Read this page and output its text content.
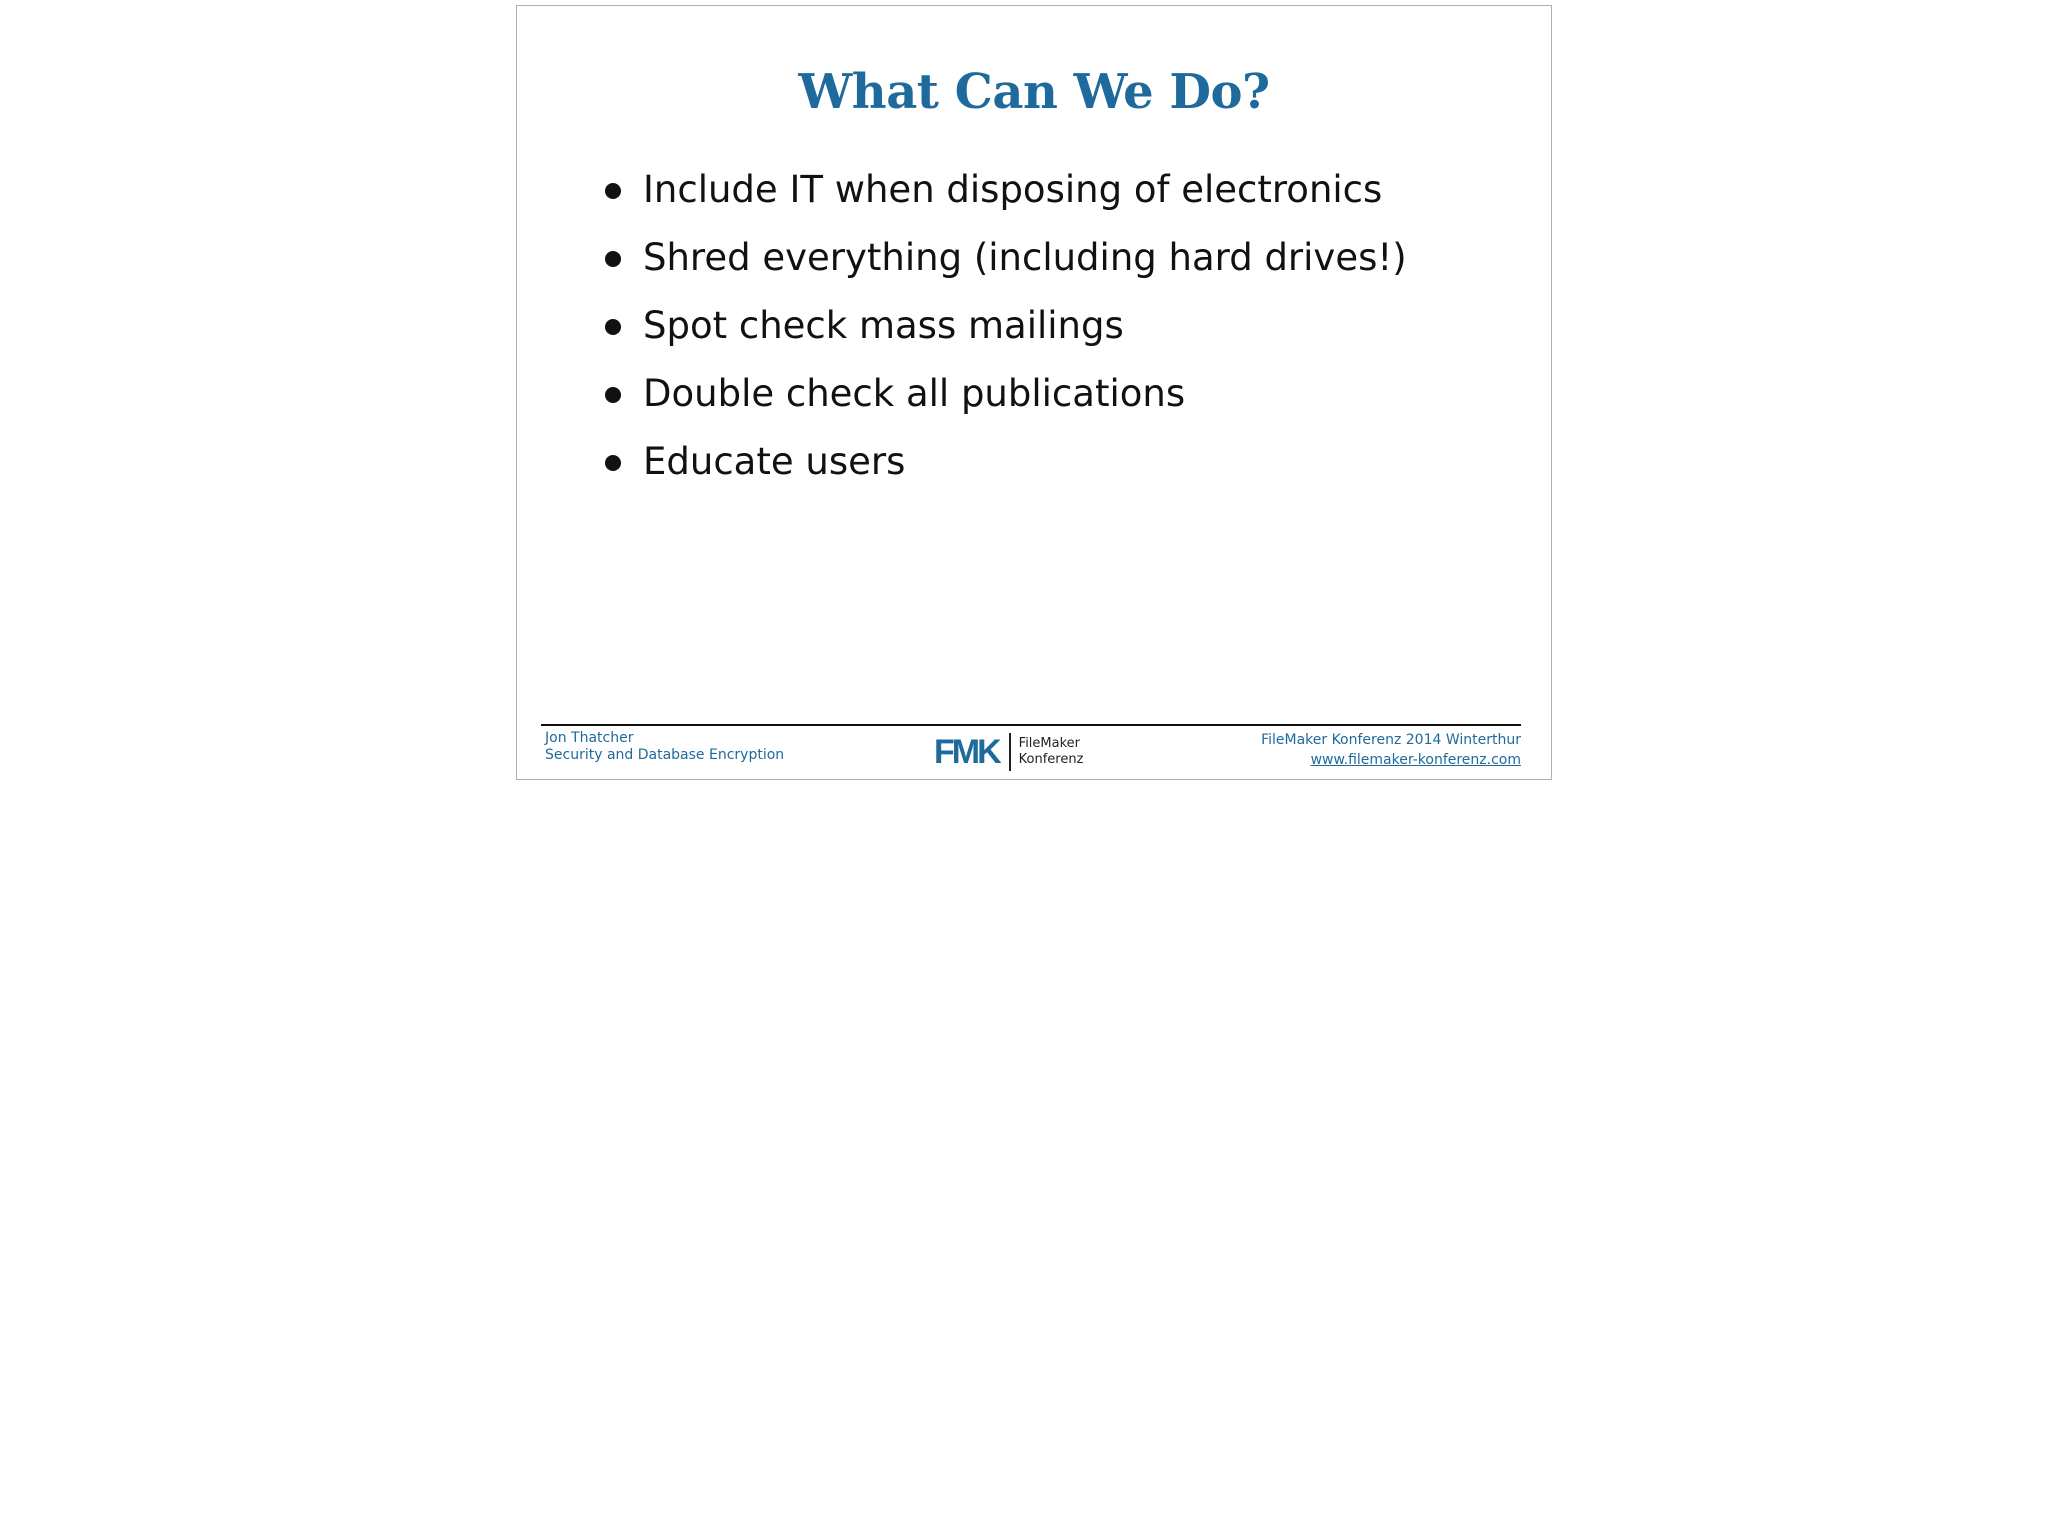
What Can We Do?
Include IT when disposing of electronics
Shred everything (including hard drives!)
Spot check mass mailings
Double check all publications
Educate users
Jon Thatcher
Security and Database Encryption	FMK FileMaker
Konferenz
FileMaker Konferenz 2014 Winterthur
www.filemaker-konferenz.com
